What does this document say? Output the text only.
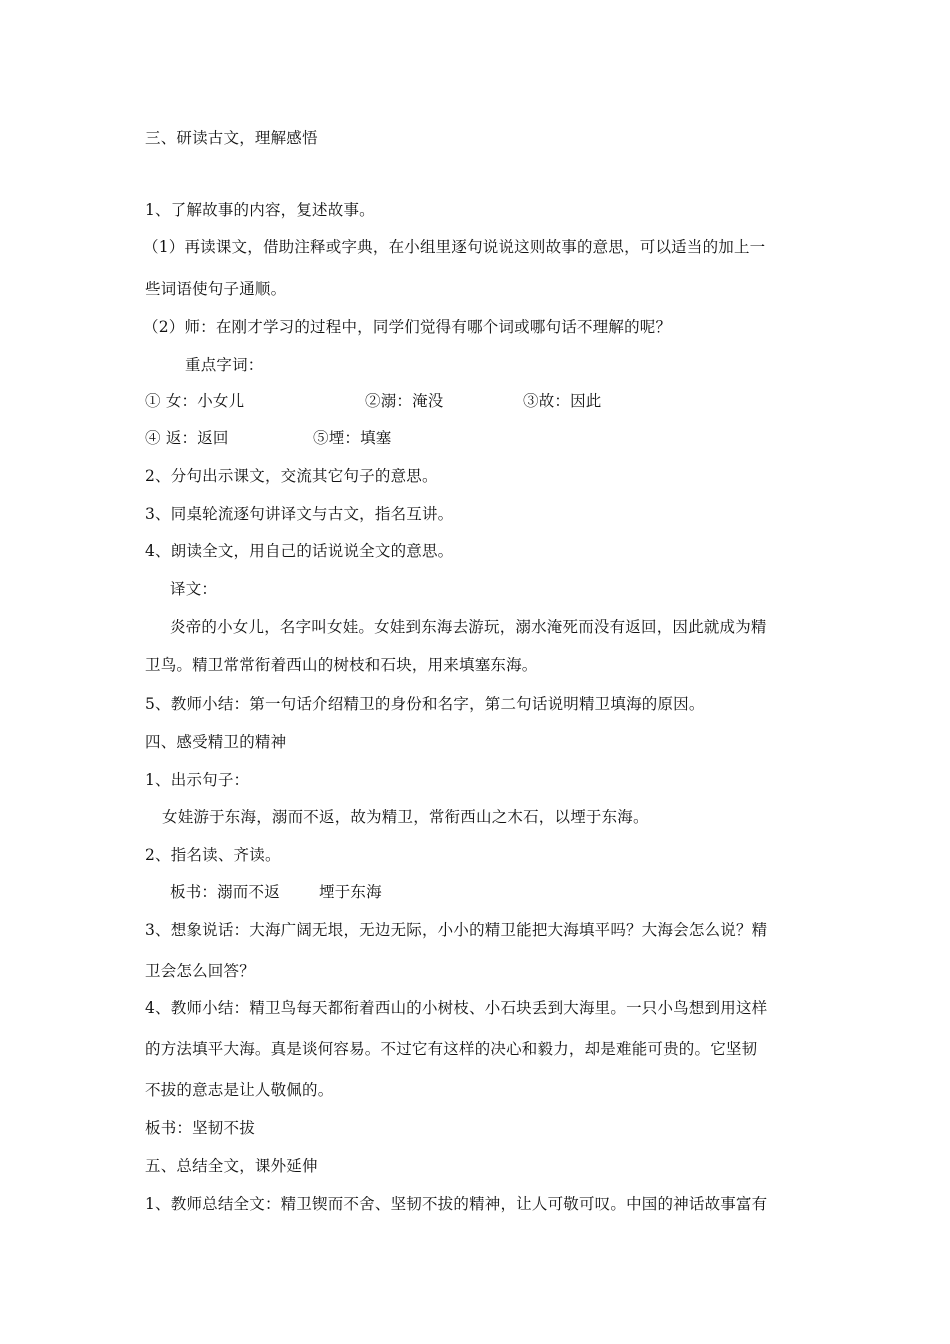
三、研读古文，理解感悟
1、了解故事的内容，复述故事。
（1）再读课文，借助注释或字典，在小组里逐句说说这则故事的意思，可以适当的加上一
些词语使句子通顺。
（2）师：在刚才学习的过程中，同学们觉得有哪个词或哪句话不理解的呢？
重点字词：
① 女：小女儿	②溺：淹没	③故：因此
④ 返：返回	⑤堙：填塞
2、分句出示课文，交流其它句子的意思。
3、同桌轮流逐句讲译文与古文，指名互讲。
4、朗读全文，用自己的话说说全文的意思。
译文：
炎帝的小女儿，名字叫女娃。女娃到东海去游玩，溺水淹死而没有返回，因此就成为精
卫鸟。精卫常常衔着西山的树枝和石块，用来填塞东海。
5、教师小结：第一句话介绍精卫的身份和名字，第二句话说明精卫填海的原因。
四、感受精卫的精神
1、出示句子：
女娃游于东海，溺而不返，故为精卫，常衔西山之木石，以堙于东海。
2、指名读、齐读。
板书：溺而不返	堙于东海
3、想象说话：大海广阔无垠，无边无际，小小的精卫能把大海填平吗？大海会怎么说？精
卫会怎么回答？
4、教师小结：精卫鸟每天都衔着西山的小树枝、小石块丢到大海里。一只小鸟想到用这样
的方法填平大海。真是谈何容易。不过它有这样的决心和毅力，却是难能可贵的。它坚韧
不拔的意志是让人敬佩的。
板书：坚韧不拔
五、总结全文，课外延伸
1、教师总结全文：精卫锲而不舍、坚韧不拔的精神，让人可敬可叹。中国的神话故事富有
